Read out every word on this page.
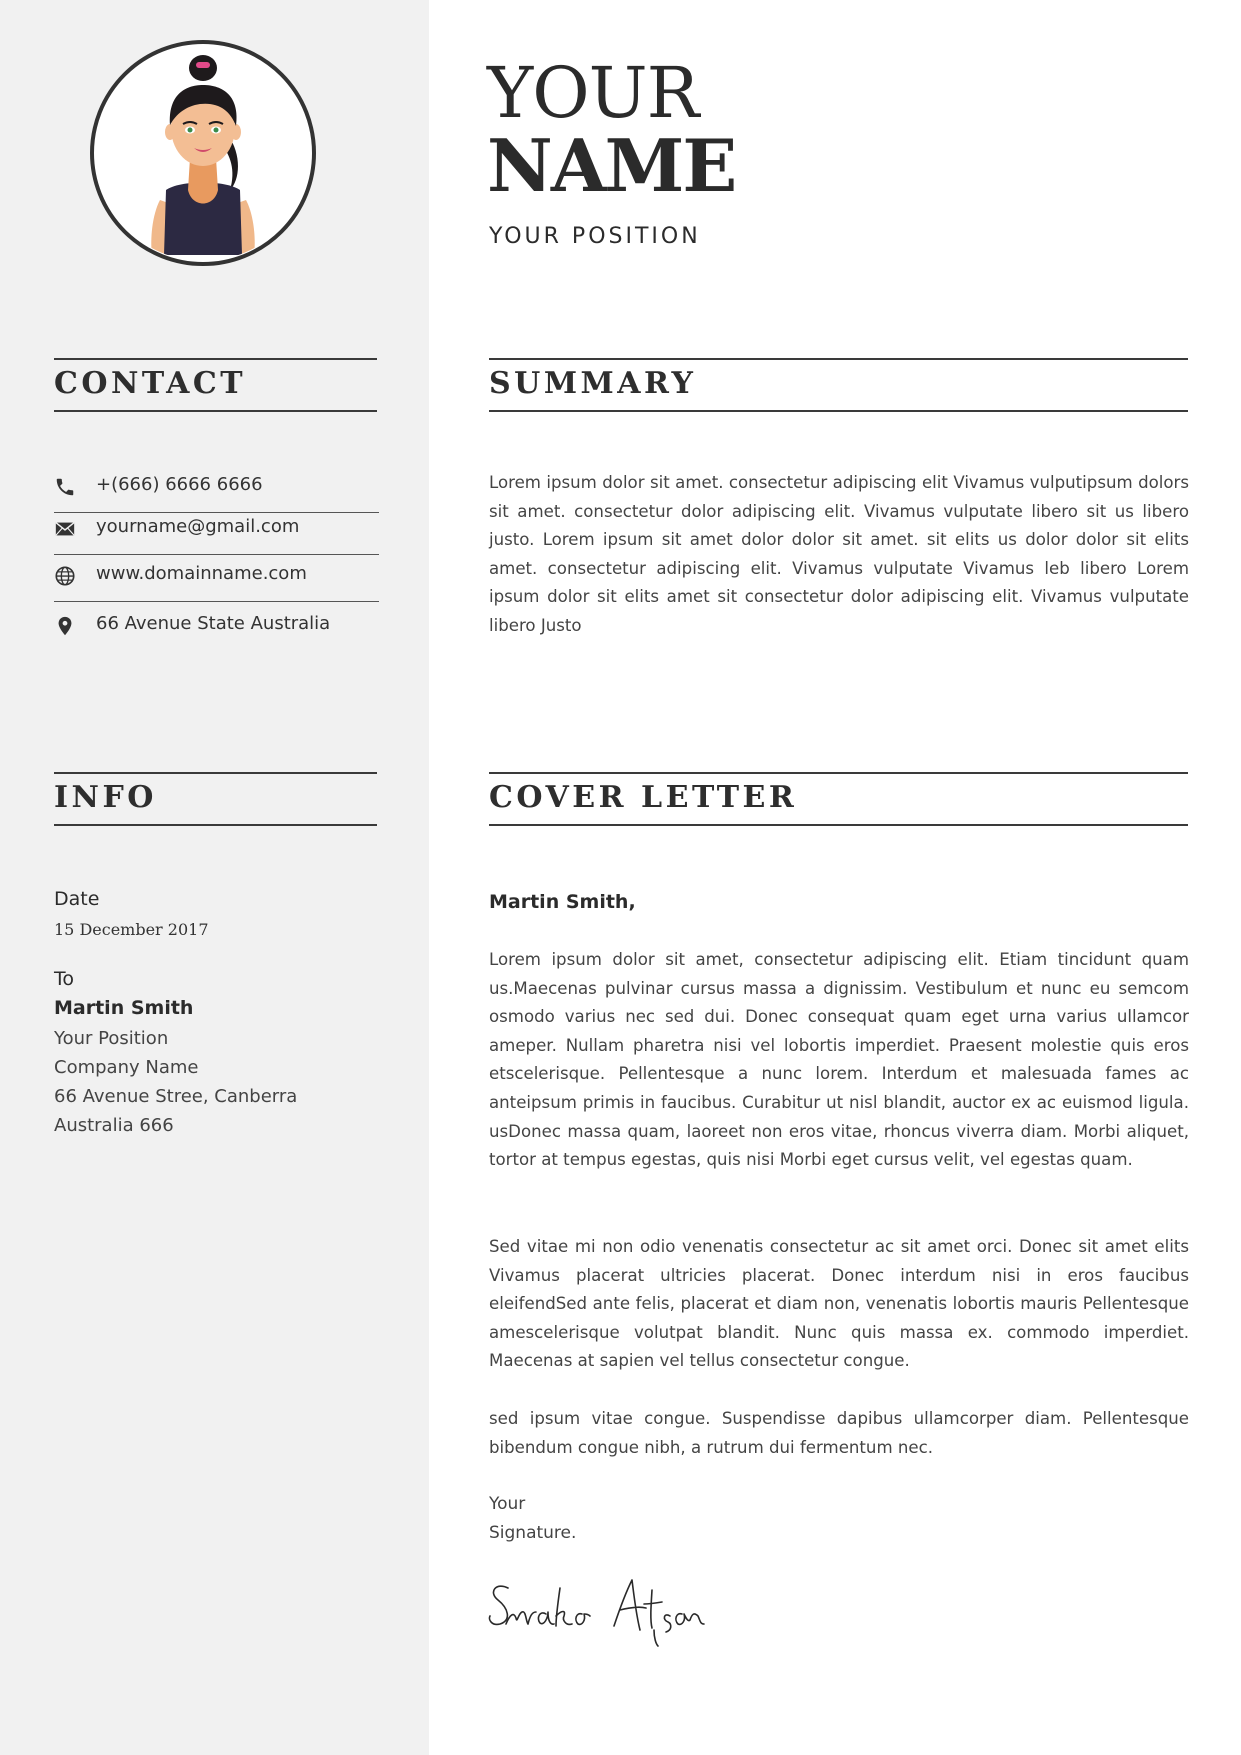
CONTACT
+(666) 6666 6666
yourname@gmail.com
www.domainname.com
66 Avenue State Australia
INFO
Date
15 December 2017
To
Martin Smith
Your Position
Company Name
66 Avenue Stree, Canberra
Australia 666
YOUR
NAME
YOUR POSITION
SUMMARY

Lorem ipsum dolor sit amet. consectetur adipiscing elit Vivamus vulputipsum dolors sit amet. consectetur dolor adipiscing elit. Vivamus vulputate libero sit us libero justo. Lorem ipsum sit amet dolor dolor sit amet. sit elits us dolor dolor sit elits amet. consectetur adipiscing elit. Vivamus vulputate Vivamus leb libero Lorem ipsum dolor sit elits amet sit consectetur dolor adipiscing elit. Vivamus vulputate libero Justo

COVER LETTER
Martin Smith,

Lorem ipsum dolor sit amet, consectetur adipiscing elit. Etiam tincidunt quam us.Maecenas pulvinar cursus massa a dignissim. Vestibulum et nunc eu semcom osmodo varius nec sed dui. Donec consequat quam eget urna varius ullamcor ameper. Nullam pharetra nisi vel lobortis imperdiet. Praesent molestie quis eros etscelerisque. Pellentesque a nunc lorem. Interdum et malesuada fames ac anteipsum primis in faucibus. Curabitur ut nisl blandit, auctor ex ac euismod ligula. usDonec massa quam, laoreet non eros vitae, rhoncus viverra diam. Morbi aliquet, tortor at tempus egestas, quis nisi Morbi eget cursus velit, vel egestas quam.

Sed vitae mi non odio venenatis consectetur ac sit amet orci. Donec sit amet elits Vivamus placerat ultricies placerat. Donec interdum nisi in eros faucibus eleifendSed ante felis, placerat et diam non, venenatis lobortis mauris Pellentesque amescelerisque volutpat blandit. Nunc quis massa ex. commodo imperdiet. Maecenas at sapien vel tellus consectetur congue.

sed ipsum vitae congue. Suspendisse dapibus ullamcorper diam. Pellentesque bibendum congue nibh, a rutrum dui fermentum nec.

Your
Signature.
